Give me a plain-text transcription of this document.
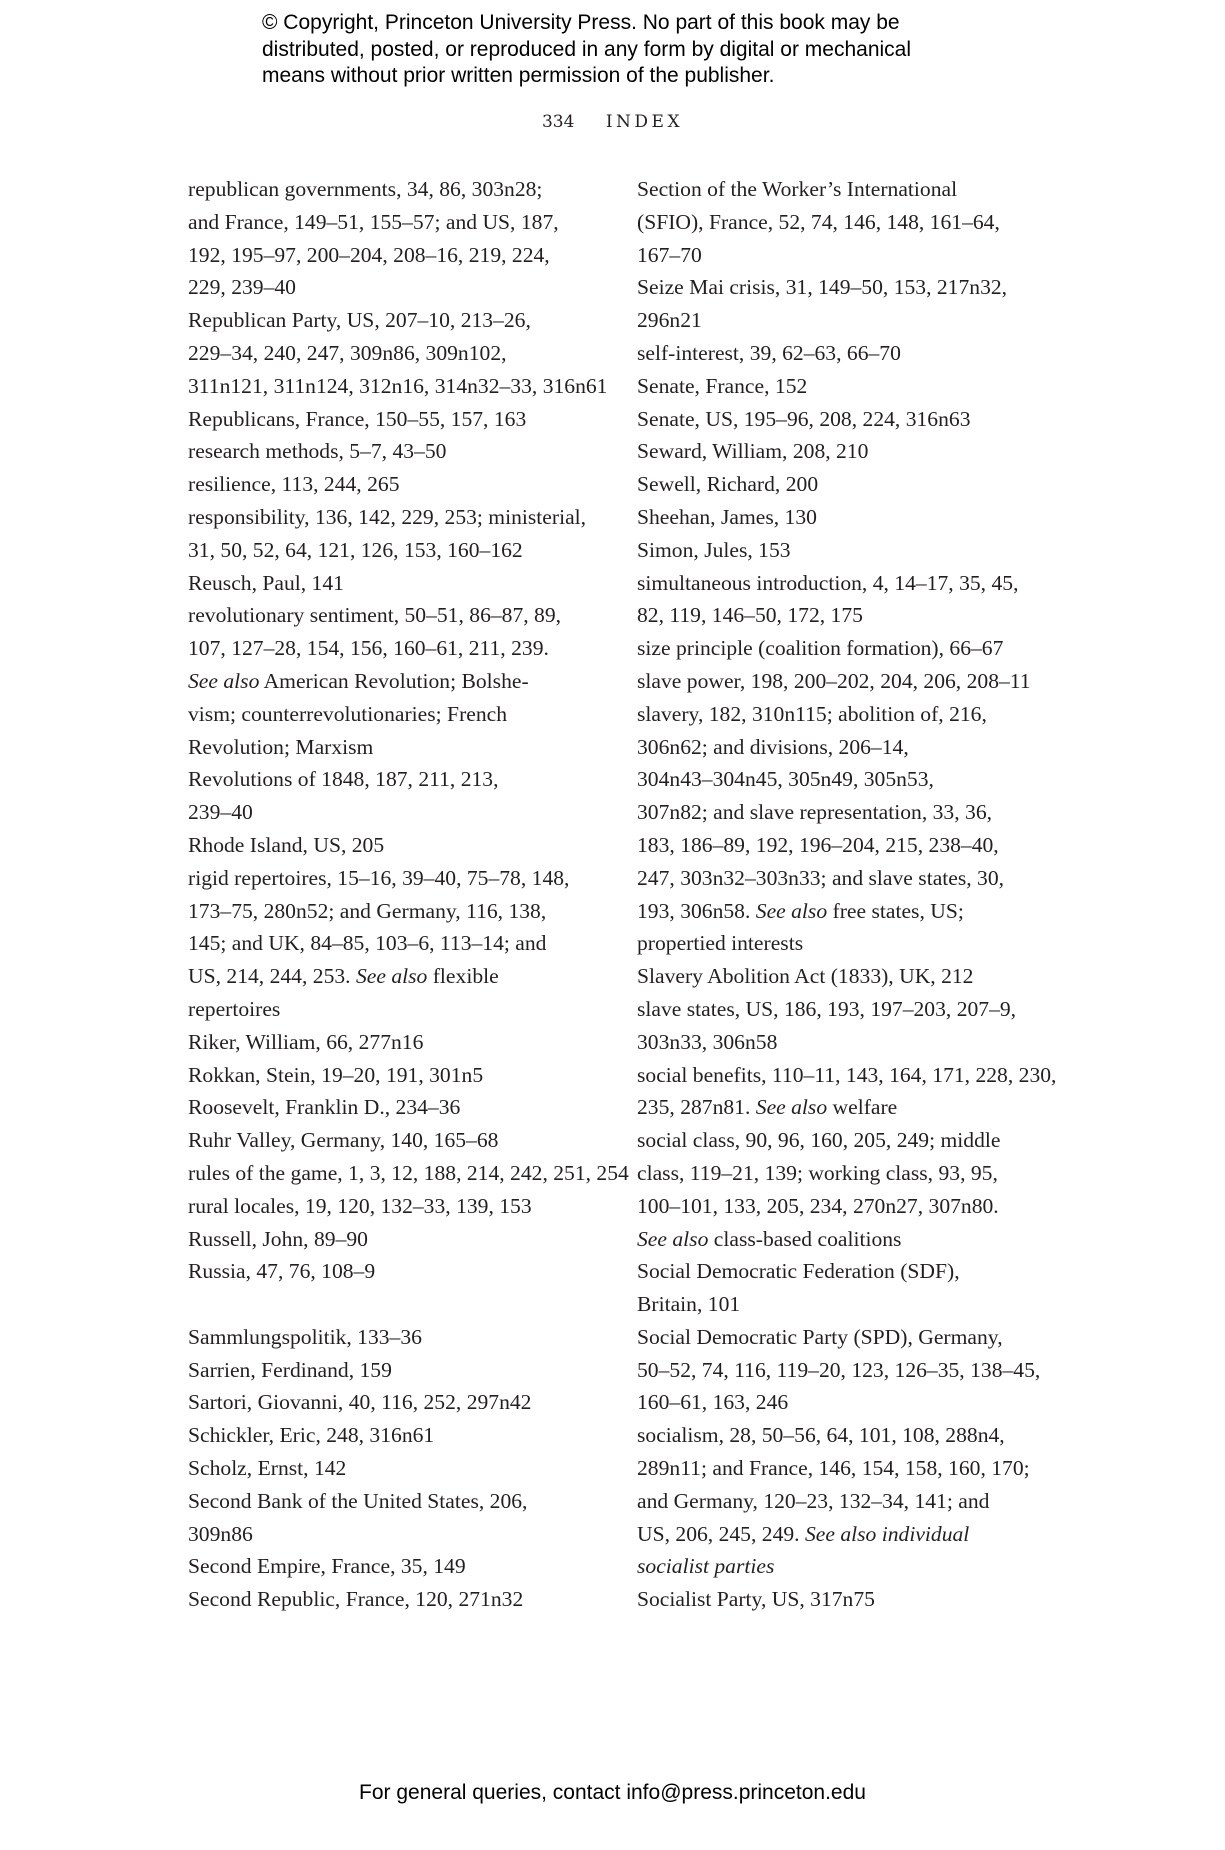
© Copyright, Princeton University Press. No part of this book may be
distributed, posted, or reproduced in any form by digital or mechanical
means without prior written permission of the publisher.
334 INDEX
republican governments, 34, 86, 303n28;
and France, 149–51, 155–57; and US, 187,
192, 195–97, 200–204, 208–16, 219, 224,
229, 239–40
Republican Party, US, 207–10, 213–26,
229–34, 240, 247, 309n86, 309n102,
311n121, 311n124, 312n16, 314n32–33, 316n61
Republicans, France, 150–55, 157, 163
research methods, 5–7, 43–50
resilience, 113, 244, 265
responsibility, 136, 142, 229, 253; ministerial,
31, 50, 52, 64, 121, 126, 153, 160–162
Reusch, Paul, 141
revolutionary sentiment, 50–51, 86–87, 89,
107, 127–28, 154, 156, 160–61, 211, 239.
See also American Revolution; Bolshe-
vism; counterrevolutionaries; French
Revolution; Marxism
Revolutions of 1848, 187, 211, 213,
239–40
Rhode Island, US, 205
rigid repertoires, 15–16, 39–40, 75–78, 148,
173–75, 280n52; and Germany, 116, 138,
145; and UK, 84–85, 103–6, 113–14; and
US, 214, 244, 253. See also flexible
repertoires
Riker, William, 66, 277n16
Rokkan, Stein, 19–20, 191, 301n5
Roosevelt, Franklin D., 234–36
Ruhr Valley, Germany, 140, 165–68
rules of the game, 1, 3, 12, 188, 214, 242, 251, 254
rural locales, 19, 120, 132–33, 139, 153
Russell, John, 89–90
Russia, 47, 76, 108–9
Sammlungspolitik, 133–36
Sarrien, Ferdinand, 159
Sartori, Giovanni, 40, 116, 252, 297n42
Schickler, Eric, 248, 316n61
Scholz, Ernst, 142
Second Bank of the United States, 206,
309n86
Second Empire, France, 35, 149
Second Republic, France, 120, 271n32
Section of the Worker’s International
(SFIO), France, 52, 74, 146, 148, 161–64,
167–70
Seize Mai crisis, 31, 149–50, 153, 217n32,
296n21
self-interest, 39, 62–63, 66–70
Senate, France, 152
Senate, US, 195–96, 208, 224, 316n63
Seward, William, 208, 210
Sewell, Richard, 200
Sheehan, James, 130
Simon, Jules, 153
simultaneous introduction, 4, 14–17, 35, 45,
82, 119, 146–50, 172, 175
size principle (coalition formation), 66–67
slave power, 198, 200–202, 204, 206, 208–11
slavery, 182, 310n115; abolition of, 216,
306n62; and divisions, 206–14,
304n43–304n45, 305n49, 305n53,
307n82; and slave representation, 33, 36,
183, 186–89, 192, 196–204, 215, 238–40,
247, 303n32–303n33; and slave states, 30,
193, 306n58. See also free states, US;
propertied interests
Slavery Abolition Act (1833), UK, 212
slave states, US, 186, 193, 197–203, 207–9,
303n33, 306n58
social benefits, 110–11, 143, 164, 171, 228, 230,
235, 287n81. See also welfare
social class, 90, 96, 160, 205, 249; middle
class, 119–21, 139; working class, 93, 95,
100–101, 133, 205, 234, 270n27, 307n80.
See also class-based coalitions
Social Democratic Federation (SDF),
Britain, 101
Social Democratic Party (SPD), Germany,
50–52, 74, 116, 119–20, 123, 126–35, 138–45,
160–61, 163, 246
socialism, 28, 50–56, 64, 101, 108, 288n4,
289n11; and France, 146, 154, 158, 160, 170;
and Germany, 120–23, 132–34, 141; and
US, 206, 245, 249. See also individual
socialist parties
Socialist Party, US, 317n75
For general queries, contact info@press.princeton.edu
